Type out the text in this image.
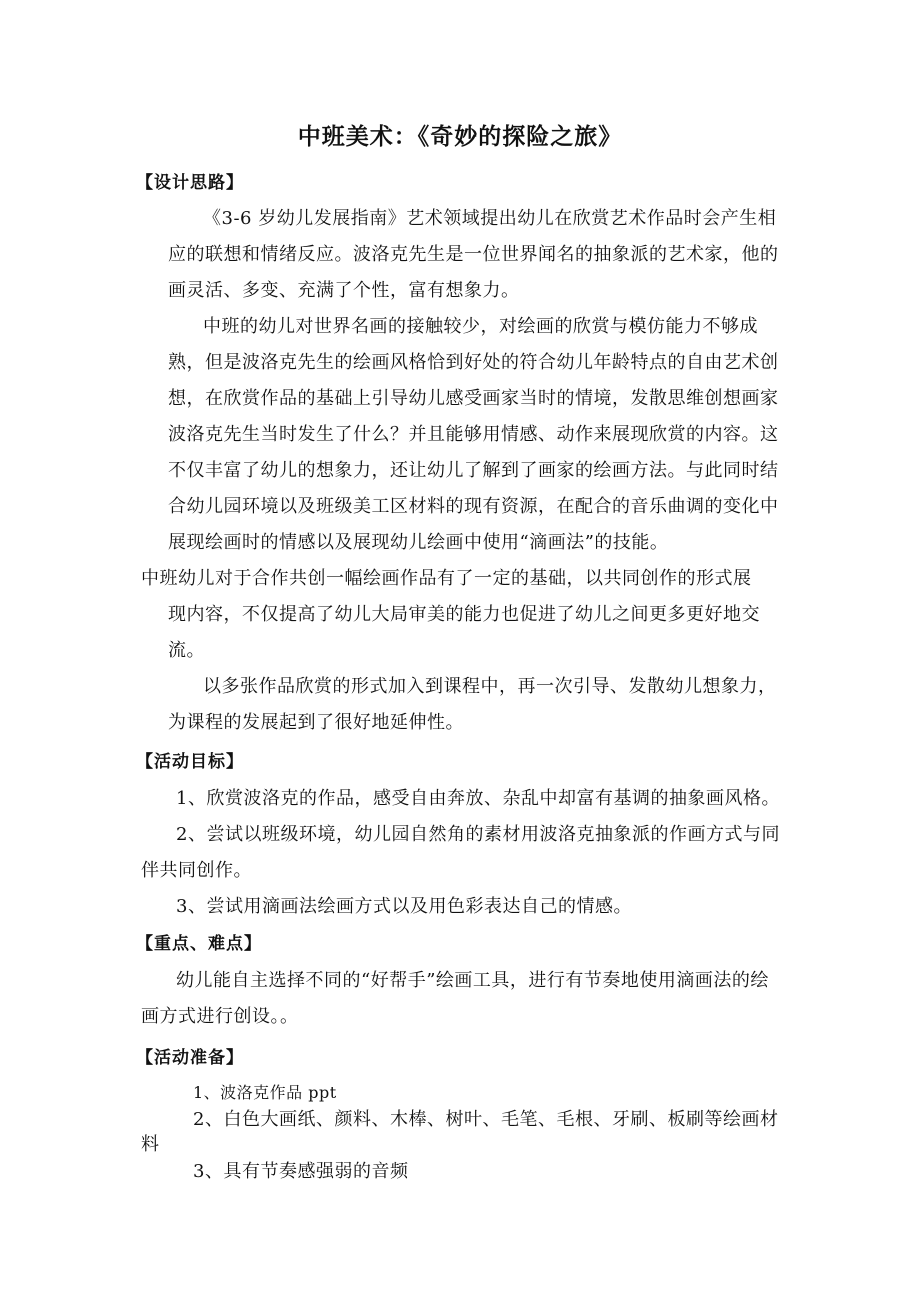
中班美术：《奇妙的探险之旅》
【设计思路】
《3-6 岁幼儿发展指南》艺术领域提出幼儿在欣赏艺术作品时会产生相
应的联想和情绪反应。波洛克先生是一位世界闻名的抽象派的艺术家，他的
画灵活、多变、充满了个性，富有想象力。
中班的幼儿对世界名画的接触较少，对绘画的欣赏与模仿能力不够成
熟，但是波洛克先生的绘画风格恰到好处的符合幼儿年龄特点的自由艺术创
想，在欣赏作品的基础上引导幼儿感受画家当时的情境，发散思维创想画家
波洛克先生当时发生了什么？并且能够用情感、动作来展现欣赏的内容。这
不仅丰富了幼儿的想象力，还让幼儿了解到了画家的绘画方法。与此同时结
合幼儿园环境以及班级美工区材料的现有资源，在配合的音乐曲调的变化中
展现绘画时的情感以及展现幼儿绘画中使用“滴画法”的技能。
中班幼儿对于合作共创一幅绘画作品有了一定的基础，以共同创作的形式展
现内容，不仅提高了幼儿大局审美的能力也促进了幼儿之间更多更好地交
流。
以多张作品欣赏的形式加入到课程中，再一次引导、发散幼儿想象力，
为课程的发展起到了很好地延伸性。
【活动目标】
1、欣赏波洛克的作品，感受自由奔放、杂乱中却富有基调的抽象画风格。
2、尝试以班级环境，幼儿园自然角的素材用波洛克抽象派的作画方式与同
伴共同创作。
3、尝试用滴画法绘画方式以及用色彩表达自己的情感。
【重点、难点】
幼儿能自主选择不同的“好帮手”绘画工具，进行有节奏地使用滴画法的绘
画方式进行创设。。
【活动准备】
1、波洛克作品 ppt
2、白色大画纸、颜料、木棒、树叶、毛笔、毛根、牙刷、板刷等绘画材
料
3、具有节奏感强弱的音频
